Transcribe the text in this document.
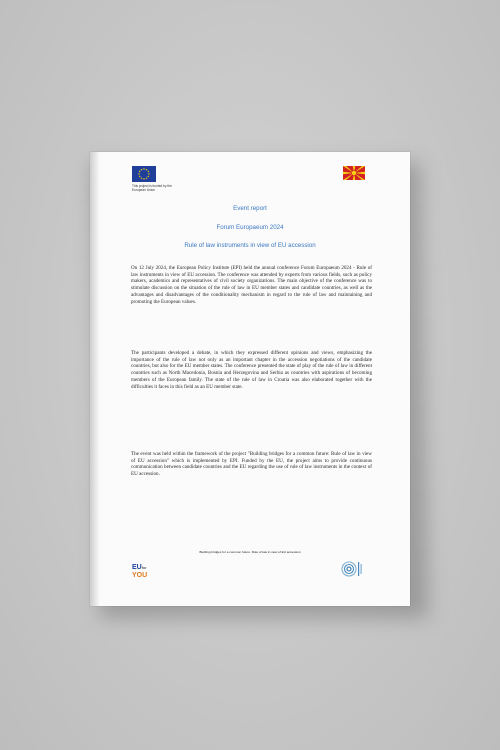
This project is funded by the European Union
Event report
Forum Europaeum 2024
Rule of law instruments in view of EU accession

On 12 July 2024, the European Policy Institute (EPI) held the annual conference Forum Europaeum 2024 - Rule of law instruments in view of EU accession. The conference was attended by experts from various fields, such as policy makers, academics and representatives of civil society organizations. The main objective of the conference was to stimulate discussion on the situation of the rule of law in EU member states and candidate countries, as well as the advantages and disadvantages of the conditionality mechanism in regard to the rule of law and maintaining and promoting the European values.

The participants developed a debate, in which they expressed different opinions and views, emphasizing the importance of the rule of law not only as an important chapter in the accession negotiations of the candidate countries, but also for the EU member states. The conference presented the state of play of the rule of law in different countries such as North Macedonia, Bosnia and Herzegovina and Serbia as countries with aspirations of becoming members of the European family. The state of the rule of law in Croatia was also elaborated together with the difficulties it faces in this field as an EU member state.

The event was held within the framework of the project "Building bridges for a common future: Rule of law in view of EU accession" which is implemented by EPI. Funded by the EU, the project aims to provide continuous communication between candidate countries and the EU regarding the use of rule of law instruments in the context of EU accession.

Building bridges for a common future: Rule of law in view of EU accession
EUfor
YOU
